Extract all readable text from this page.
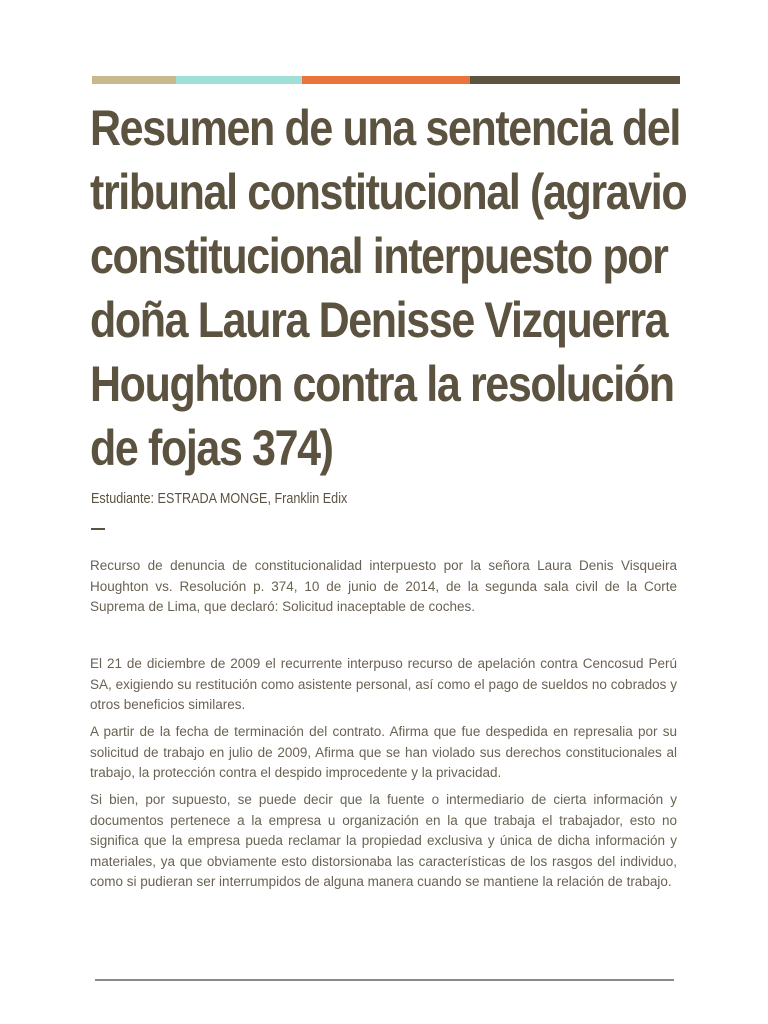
Resumen de una sentencia del tribunal constitucional (agravio constitucional interpuesto por doña Laura Denisse Vizquerra Houghton contra la resolución de fojas 374)
Estudiante: ESTRADA MONGE, Franklin Edix

Recurso de denuncia de constitucionalidad interpuesto por la señora Laura Denis Visqueira Houghton vs. Resolución p. 374, 10 de junio de 2014, de la segunda sala civil de la Corte Suprema de Lima, que declaró: Solicitud inaceptable de coches.

El 21 de diciembre de 2009 el recurrente interpuso recurso de apelación contra Cencosud Perú SA, exigiendo su restitución como asistente personal, así como el pago de sueldos no cobrados y otros beneficios similares.

A partir de la fecha de terminación del contrato. Afirma que fue despedida en represalia por su solicitud de trabajo en julio de 2009, Afirma que se han violado sus derechos constitucionales al trabajo, la protección contra el despido improcedente y la privacidad.

Si bien, por supuesto, se puede decir que la fuente o intermediario de cierta información y documentos pertenece a la empresa u organización en la que trabaja el trabajador, esto no significa que la empresa pueda reclamar la propiedad exclusiva y única de dicha información y materiales, ya que obviamente esto distorsionaba las características de los rasgos del individuo, como si pudieran ser interrumpidos de alguna manera cuando se mantiene la relación de trabajo.
